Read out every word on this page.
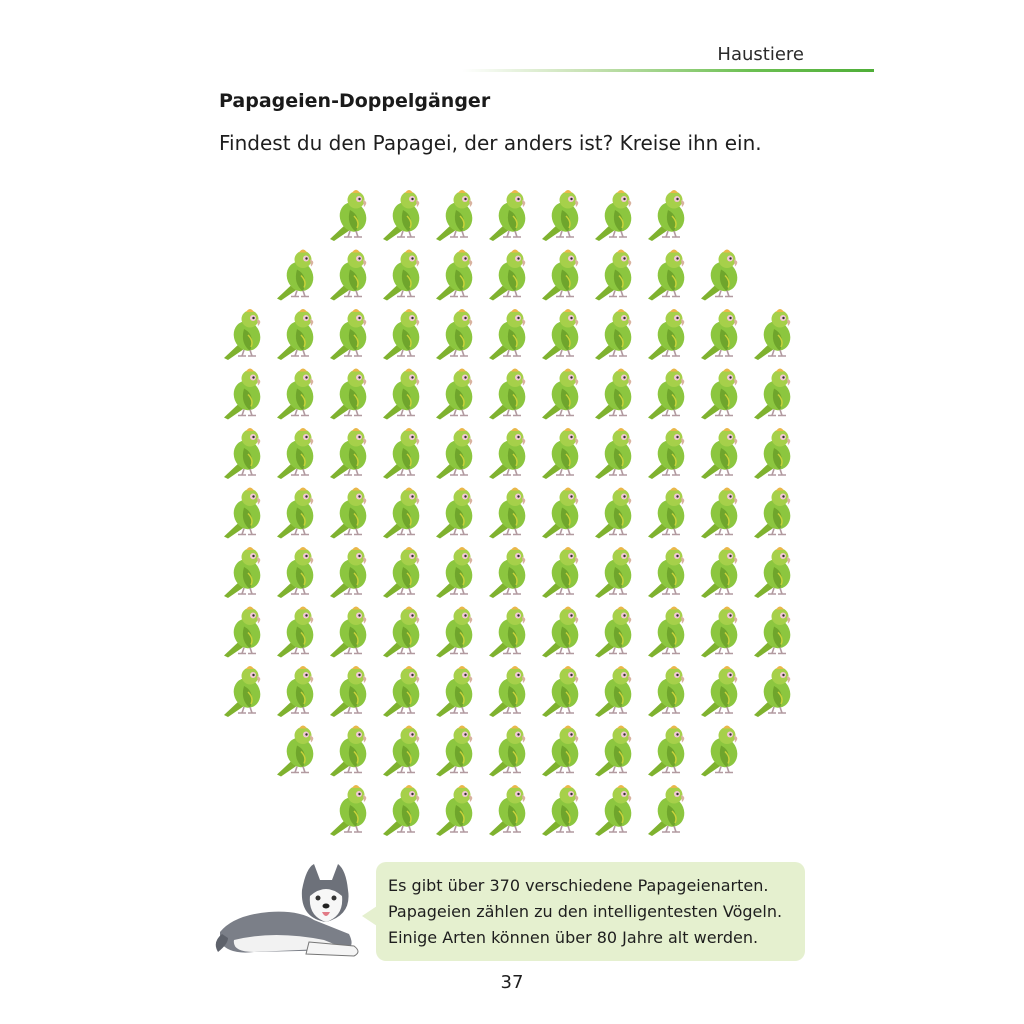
Haustiere
Papageien-Doppelgänger
Findest du den Papagei, der anders ist? Kreise ihn ein.
Es gibt über 370 verschiedene Papageienarten.
Papageien zählen zu den intelligentesten Vögeln.
Einige Arten können über 80 Jahre alt werden.
37
